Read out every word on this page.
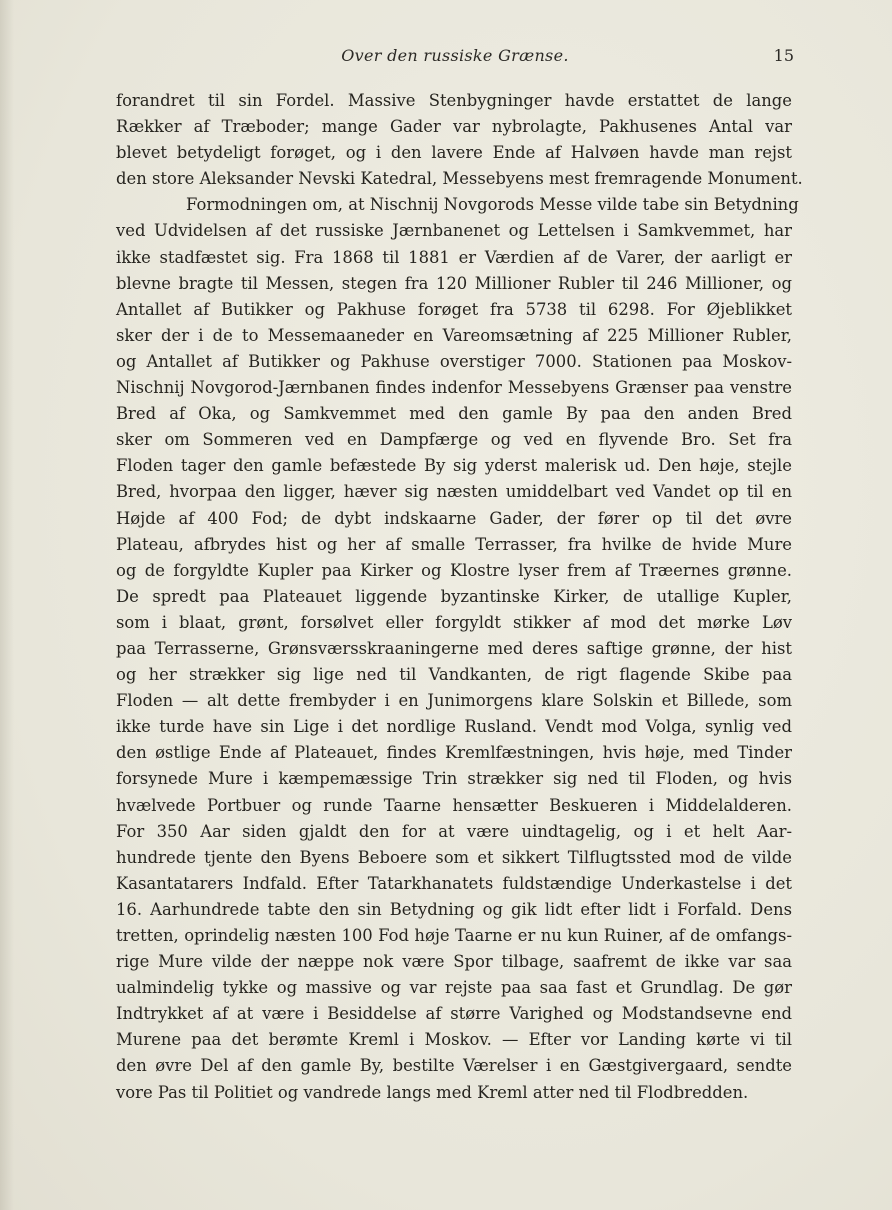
Over den russiske Grænse.	15
forandret til sin Fordel. Massive Stenbygninger havde erstattet de lange
Rækker af Træboder; mange Gader var nybrolagte, Pakhusenes Antal var
blevet betydeligt forøget, og i den lavere Ende af Halvøen havde man rejst
den store Aleksander Nevski Katedral, Messebyens mest fremragende Monument.
Formodningen om, at Nischnij Novgorods Messe vilde tabe sin Betydning
ved Udvidelsen af det russiske Jærnbanenet og Lettelsen i Samkvemmet, har
ikke stadfæstet sig. Fra 1868 til 1881 er Værdien af de Varer, der aarligt er
blevne bragte til Messen, stegen fra 120 Millioner Rubler til 246 Millioner, og
Antallet af Butikker og Pakhuse forøget fra 5738 til 6298. For Øjeblikket
sker der i de to Messemaaneder en Vareomsætning af 225 Millioner Rubler,
og Antallet af Butikker og Pakhuse overstiger 7000. Stationen paa Moskov-
Nischnij Novgorod-Jærnbanen findes indenfor Messebyens Grænser paa venstre
Bred af Oka, og Samkvemmet med den gamle By paa den anden Bred
sker om Sommeren ved en Dampfærge og ved en flyvende Bro. Set fra
Floden tager den gamle befæstede By sig yderst malerisk ud. Den høje, stejle
Bred, hvorpaa den ligger, hæver sig næsten umiddelbart ved Vandet op til en
Højde af 400 Fod; de dybt indskaarne Gader, der fører op til det øvre
Plateau, afbrydes hist og her af smalle Terrasser, fra hvilke de hvide Mure
og de forgyldte Kupler paa Kirker og Klostre lyser frem af Træernes grønne.
De spredt paa Plateauet liggende byzantinske Kirker, de utallige Kupler,
som i blaat, grønt, forsølvet eller forgyldt stikker af mod det mørke Løv
paa Terrasserne, Grønsværsskraaningerne med deres saftige grønne, der hist
og her strækker sig lige ned til Vandkanten, de rigt flagende Skibe paa
Floden — alt dette frembyder i en Junimorgens klare Solskin et Billede, som
ikke turde have sin Lige i det nordlige Rusland. Vendt mod Volga, synlig ved
den østlige Ende af Plateauet, findes Kremlfæstningen, hvis høje, med Tinder
forsynede Mure i kæmpemæssige Trin strækker sig ned til Floden, og hvis
hvælvede Portbuer og runde Taarne hensætter Beskueren i Middelalderen.
For 350 Aar siden gjaldt den for at være uindtagelig, og i et helt Aar-
hundrede tjente den Byens Beboere som et sikkert Tilflugtssted mod de vilde
Kasantatarers Indfald. Efter Tatarkhanatets fuldstændige Underkastelse i det
16. Aarhundrede tabte den sin Betydning og gik lidt efter lidt i Forfald. Dens
tretten, oprindelig næsten 100 Fod høje Taarne er nu kun Ruiner, af de omfangs-
rige Mure vilde der næppe nok være Spor tilbage, saafremt de ikke var saa
ualmindelig tykke og massive og var rejste paa saa fast et Grundlag. De gør
Indtrykket af at være i Besiddelse af større Varighed og Modstandsevne end
Murene paa det berømte Kreml i Moskov. — Efter vor Landing kørte vi til
den øvre Del af den gamle By, bestilte Værelser i en Gæstgivergaard, sendte
vore Pas til Politiet og vandrede langs med Kreml atter ned til Flodbredden.
